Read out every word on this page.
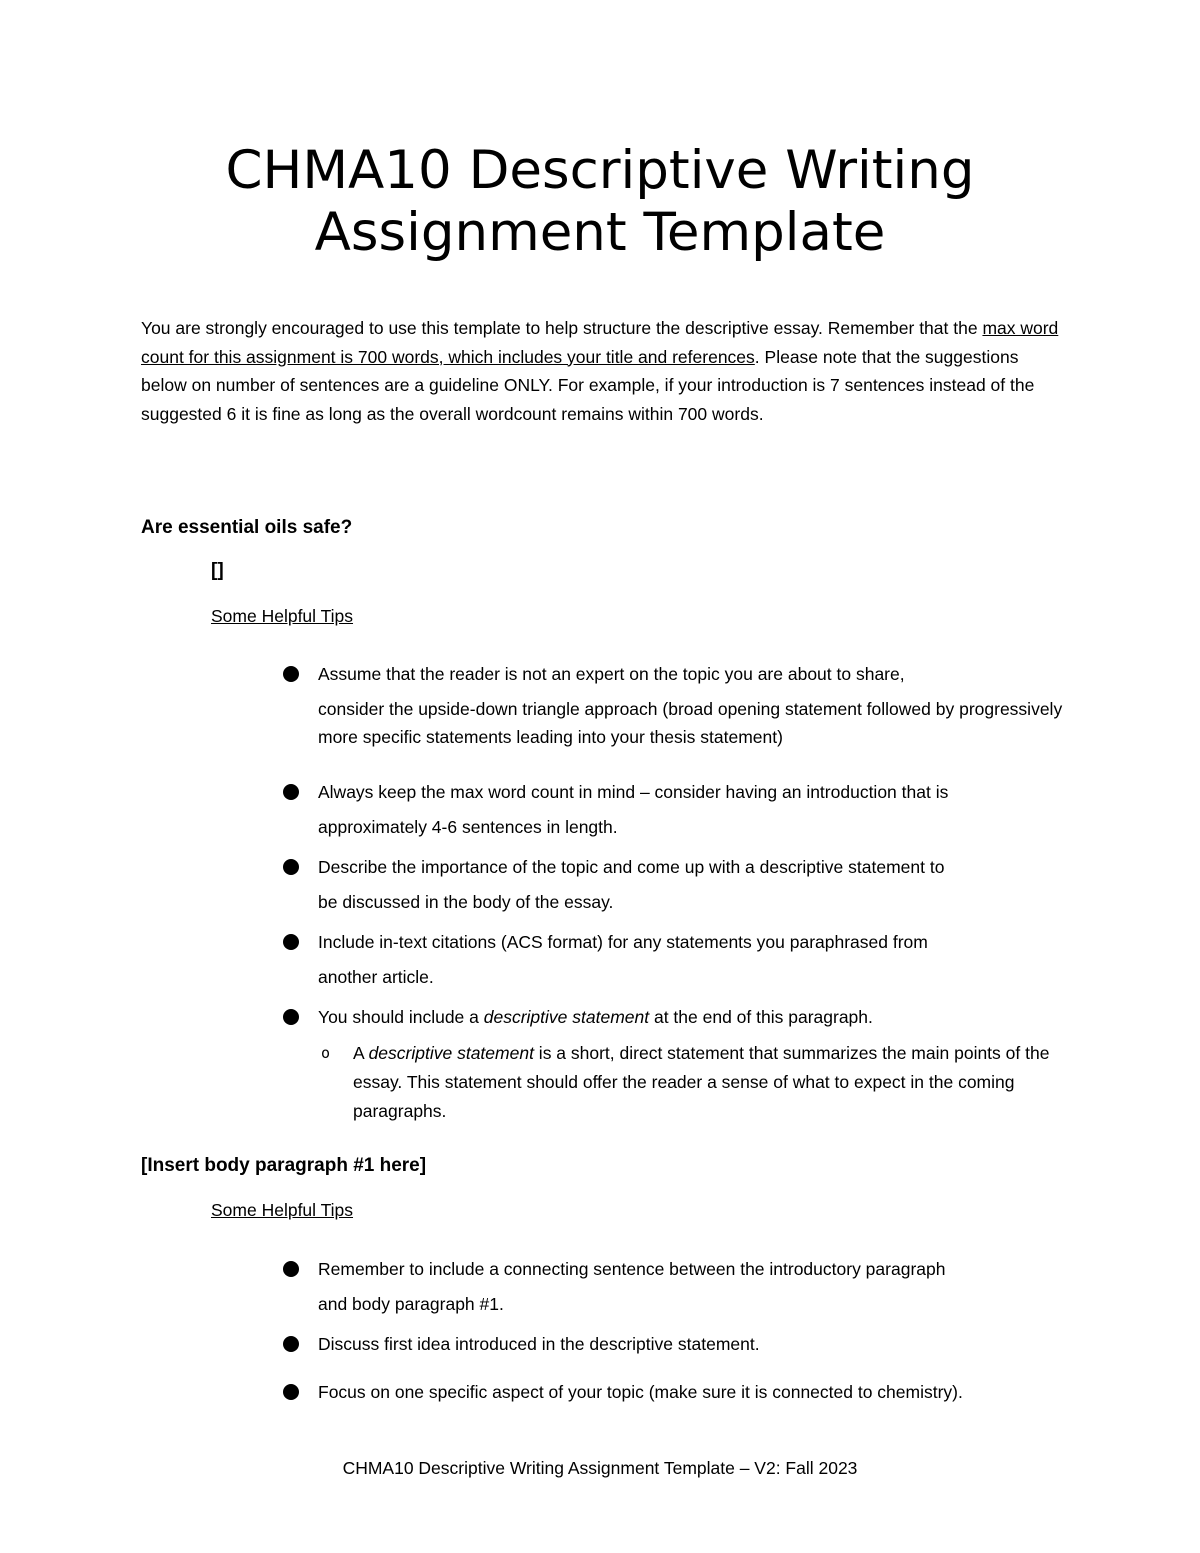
CHMA10 Descriptive Writing
Assignment Template

You are strongly encouraged to use this template to help structure the descriptive essay. Remember that the max word count for this assignment is 700 words, which includes your title and references. Please note that the suggestions below on number of sentences are a guideline ONLY. For example, if your introduction is 7 sentences instead of the suggested 6 it is fine as long as the overall wordcount remains within 700 words.

Are essential oils safe?

[]

Some Helpful Tips

Assume that the reader is not an expert on the topic you are about to share,
consider the upside-down triangle approach (broad opening statement followed by progressively more specific statements leading into your thesis statement)
Always keep the max word count in mind – consider having an introduction that is
approximately 4-6 sentences in length.
Describe the importance of the topic and come up with a descriptive statement to
be discussed in the body of the essay.
Include in-text citations (ACS format) for any statements you paraphrased from
another article.
You should include a descriptive statement at the end of this paragraph.
o A descriptive statement is a short, direct statement that summarizes the main points of the essay. This statement should offer the reader a sense of what to expect in the coming paragraphs.

[Insert body paragraph #1 here]

Some Helpful Tips

Remember to include a connecting sentence between the introductory paragraph
and body paragraph #1.
Discuss first idea introduced in the descriptive statement.
Focus on one specific aspect of your topic (make sure it is connected to chemistry).

CHMA10 Descriptive Writing Assignment Template – V2: Fall 2023
